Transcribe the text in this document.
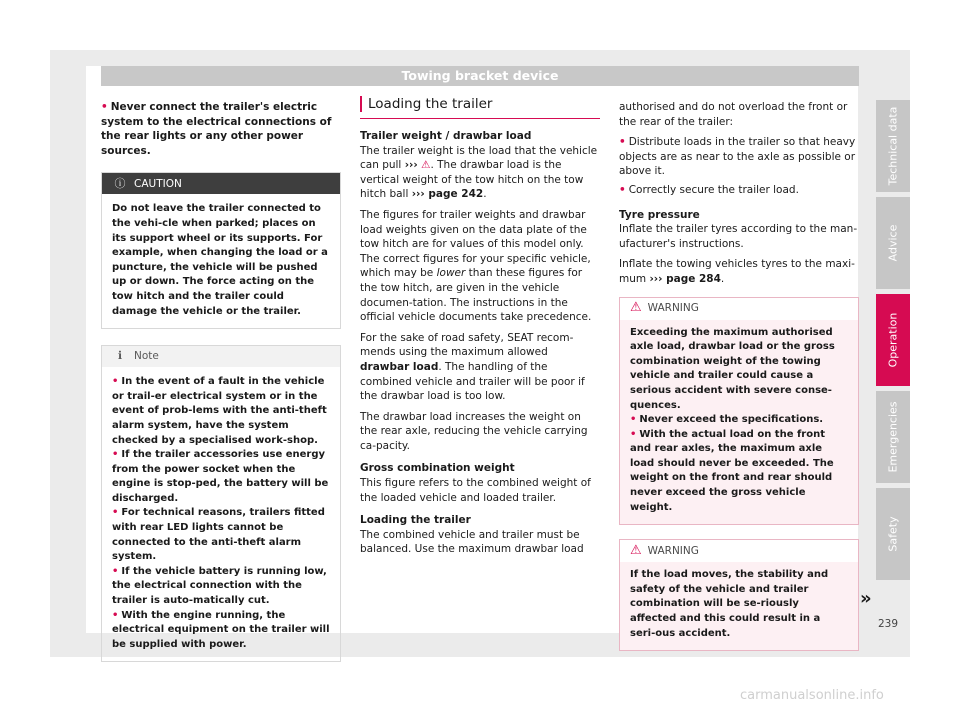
Towing bracket device
• Never connect the trailer's electric system to the electrical connections of the rear lights or any other power sources.
ⓘ CAUTION
Do not leave the trailer connected to the vehi-cle when parked; places on its support wheel or its supports. For example, when changing the load or a puncture, the vehicle will be pushed up or down. The force acting on the tow hitch and the trailer could damage the vehicle or the trailer.
ℹ	Note
• In the event of a fault in the vehicle or trail-er electrical system or in the event of prob-lems with the anti-theft alarm system, have the system checked by a specialised work-shop.
• If the trailer accessories use energy from the power socket when the engine is stop-ped, the battery will be discharged.
• For technical reasons, trailers fitted with rear LED lights cannot be connected to the anti-theft alarm system.
• If the vehicle battery is running low, the electrical connection with the trailer is auto-matically cut.
• With the engine running, the electrical equipment on the trailer will be supplied with power.
Loading the trailer
Trailer weight / drawbar load

The trailer weight is the load that the vehicle can pull ››› ⚠. The drawbar load is the vertical weight of the tow hitch on the tow hitch ball ››› page 242.

The figures for trailer weights and drawbar load weights given on the data plate of the tow hitch are for values of this model only. The correct figures for your specific vehicle, which may be lower than these figures for the tow hitch, are given in the vehicle documen-tation. The instructions in the official vehicle documents take precedence.

For the sake of road safety, SEAT recom-mends using the maximum allowed drawbar load. The handling of the combined vehicle and trailer will be poor if the drawbar load is too low.

The drawbar load increases the weight on the rear axle, reducing the vehicle carrying ca-pacity.

Gross combination weight

This figure refers to the combined weight of the loaded vehicle and loaded trailer.

Loading the trailer

The combined vehicle and trailer must be balanced. Use the maximum drawbar load

authorised and do not overload the front or the rear of the trailer:

• Distribute loads in the trailer so that heavy objects are as near to the axle as possible or above it.
• Correctly secure the trailer load.
Tyre pressure

Inflate the trailer tyres according to the man-ufacturer's instructions.

Inflate the towing vehicles tyres to the maxi-mum ››› page 284.

⚠ WARNING
Exceeding the maximum authorised axle load, drawbar load or the gross combination weight of the towing vehicle and trailer could cause a serious accident with severe conse-quences.
• Never exceed the specifications.
• With the actual load on the front and rear axles, the maximum axle load should never be exceeded. The weight on the front and rear should never exceed the gross vehicle weight.
⚠ WARNING
If the load moves, the stability and safety of the vehicle and trailer combination will be se-riously affected and this could result in a seri-ous accident.
»
Technical data
Advice
Operation
Emergencies
Safety
239
carmanualsonline.info
